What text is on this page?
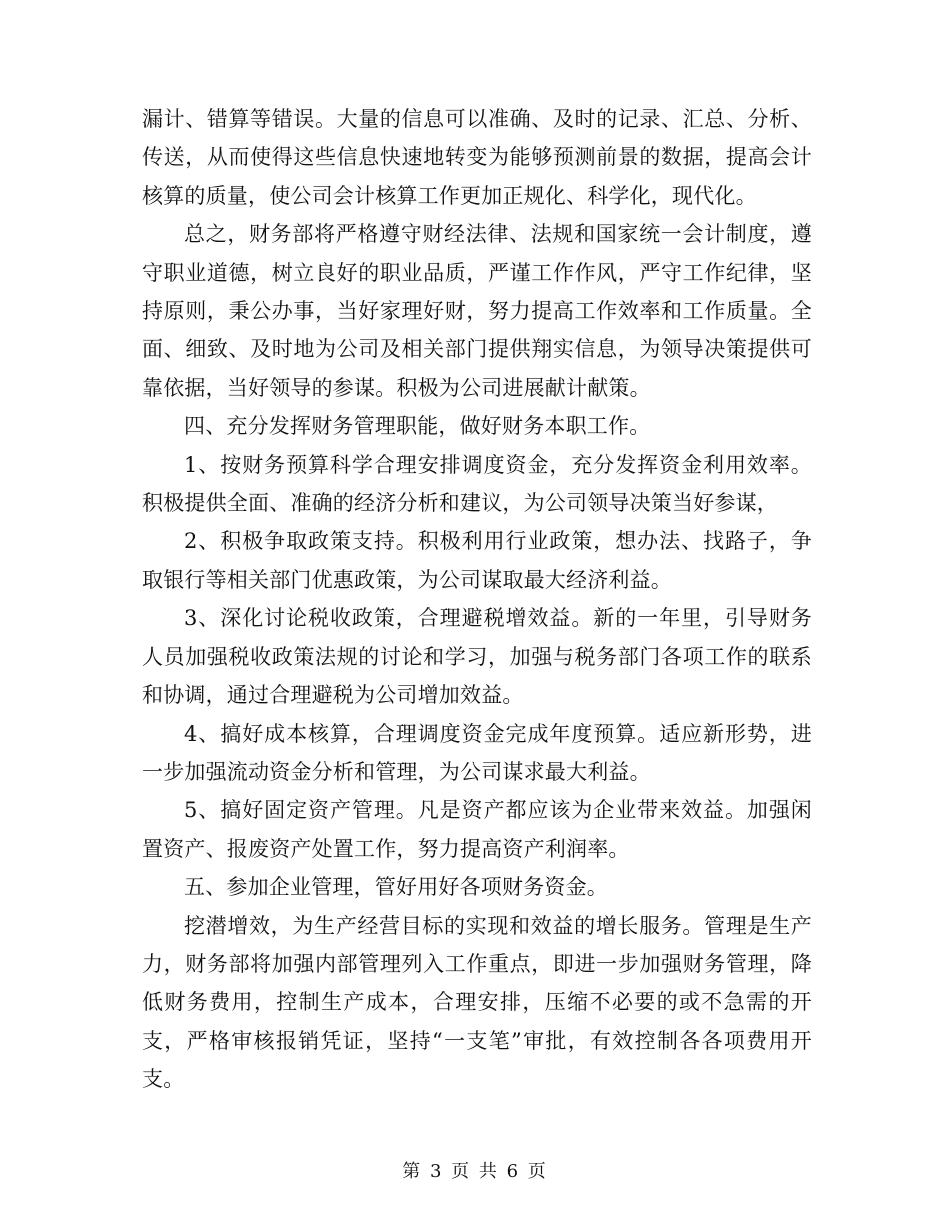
漏计、错算等错误。大量的信息可以准确、及时的记录、汇总、分析、传送，从而使得这些信息快速地转变为能够预测前景的数据，提高会计核算的质量，使公司会计核算工作更加正规化、科学化，现代化。

总之，财务部将严格遵守财经法律、法规和国家统一会计制度，遵守职业道德，树立良好的职业品质，严谨工作作风，严守工作纪律，坚持原则，秉公办事，当好家理好财，努力提高工作效率和工作质量。全面、细致、及时地为公司及相关部门提供翔实信息，为领导决策提供可靠依据，当好领导的参谋。积极为公司进展献计献策。

四、充分发挥财务管理职能，做好财务本职工作。

1、按财务预算科学合理安排调度资金，充分发挥资金利用效率。积极提供全面、准确的经济分析和建议，为公司领导决策当好参谋，

2、积极争取政策支持。积极利用行业政策，想办法、找路子，争取银行等相关部门优惠政策，为公司谋取最大经济利益。

3、深化讨论税收政策，合理避税增效益。新的一年里，引导财务人员加强税收政策法规的讨论和学习，加强与税务部门各项工作的联系和协调，通过合理避税为公司增加效益。

4、搞好成本核算，合理调度资金完成年度预算。适应新形势，进一步加强流动资金分析和管理，为公司谋求最大利益。

5、搞好固定资产管理。凡是资产都应该为企业带来效益。加强闲置资产、报废资产处置工作，努力提高资产利润率。

五、参加企业管理，管好用好各项财务资金。

挖潜增效，为生产经营目标的实现和效益的增长服务。管理是生产力，财务部将加强内部管理列入工作重点，即进一步加强财务管理，降低财务费用，控制生产成本，合理安排，压缩不必要的或不急需的开支，严格审核报销凭证，坚持“一支笔”审批，有效控制各各项费用开支。

第 3 页 共 6 页
